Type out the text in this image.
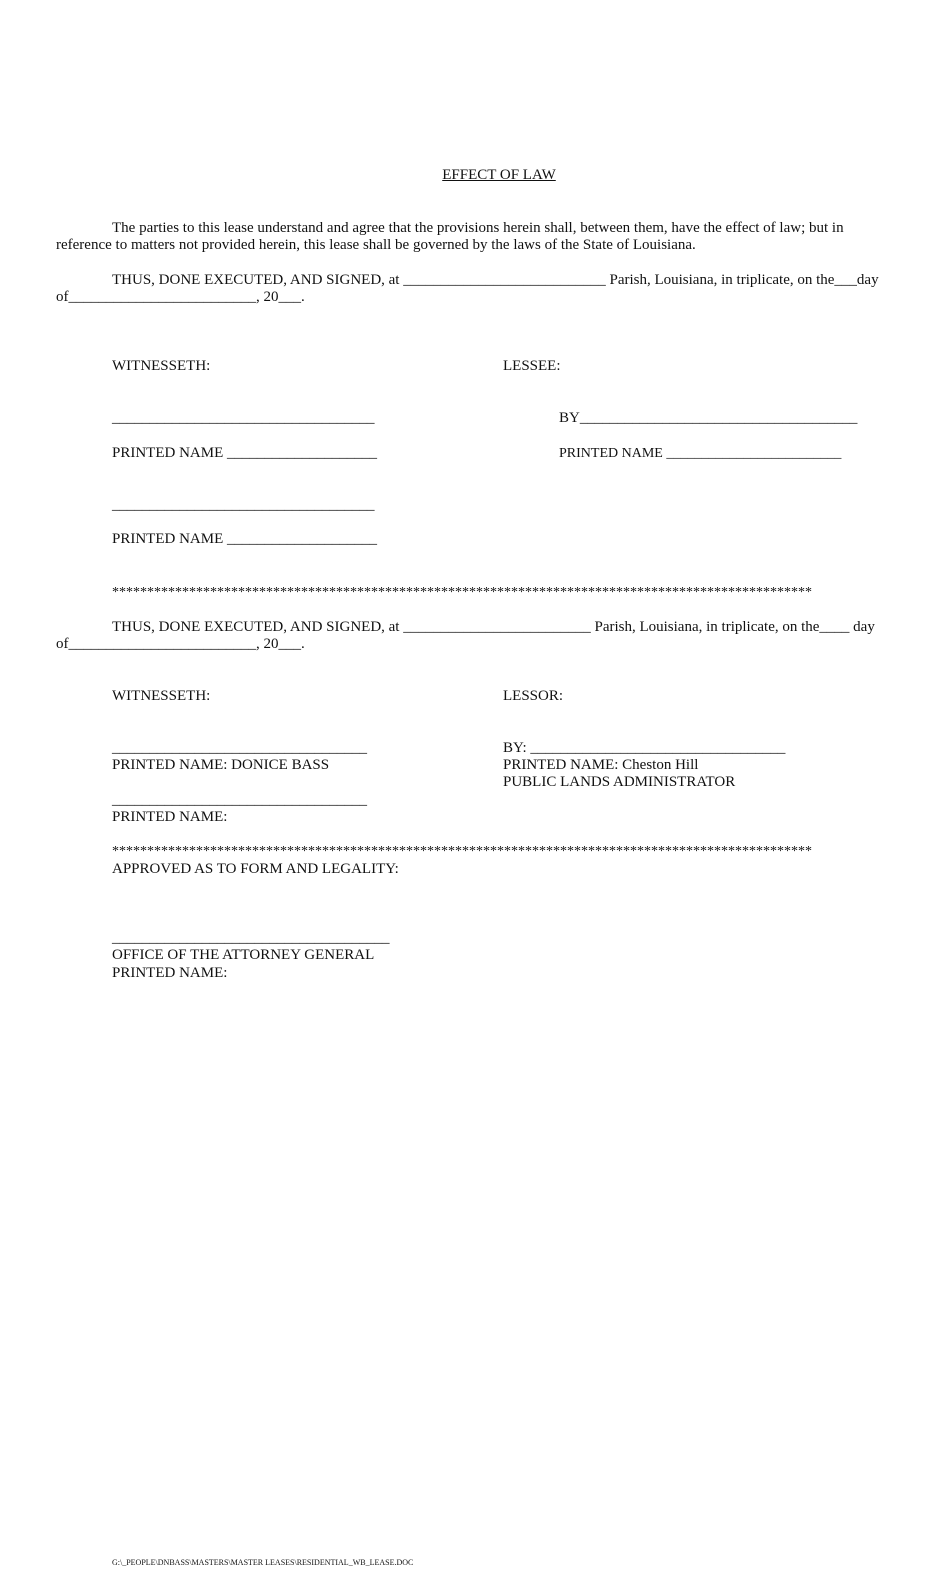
EFFECT OF LAW
The parties to this lease understand and agree that the provisions herein shall, between them, have the effect of law; but in reference to matters not provided herein, this lease shall be governed by the laws of the State of Louisiana.
THUS, DONE EXECUTED, AND SIGNED, at ___________________________ Parish, Louisiana, in triplicate, on the___day
of_________________________, 20___.
WITNESSETH:	LESSEE:
___________________________________	BY_____________________________________
PRINTED NAME ____________________	PRINTED NAME _________________________
___________________________________
PRINTED NAME ____________________
****************************************************************************************************
THUS, DONE EXECUTED, AND SIGNED, at _________________________ Parish, Louisiana, in triplicate, on the____ day
of_________________________, 20___.
WITNESSETH:	LESSOR:
__________________________________	BY: __________________________________
PRINTED NAME: DONICE BASS	PRINTED NAME: Cheston Hill
PUBLIC LANDS ADMINISTRATOR
__________________________________
PRINTED NAME:
****************************************************************************************************
APPROVED AS TO FORM AND LEGALITY:
_____________________________________
OFFICE OF THE ATTORNEY GENERAL
PRINTED NAME:
G:\_PEOPLE\DNBASS\MASTERS\MASTER LEASES\RESIDENTIAL_WB_LEASE.DOC
